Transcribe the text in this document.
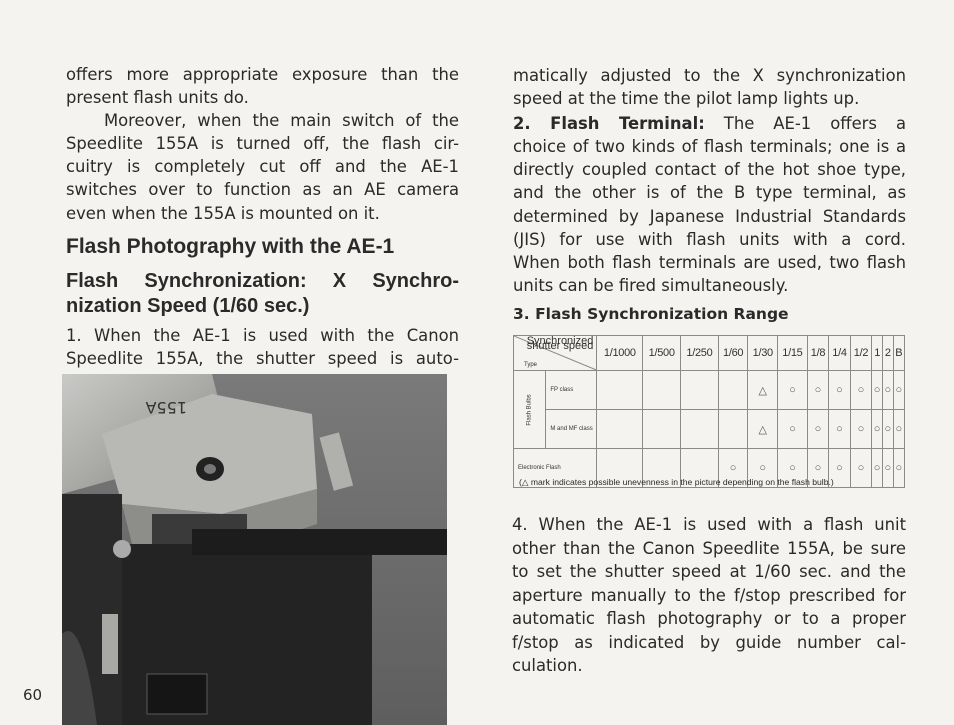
offers more appropriate exposure than the

present flash units do.

Moreover, when the main switch of the

Speedlite 155A is turned off, the flash cir-

cuitry is completely cut off and the AE-1

switches over to function as an AE camera

even when the 155A is mounted on it.

Flash Photography with the AE-1
Flash Synchronization: X Synchro-
nization Speed (1/60 sec.)

1. When the AE-1 is used with the Canon

Speedlite 155A, the shutter speed is auto-

matically adjusted to the X synchronization

speed at the time the pilot lamp lights up.

2. Flash Terminal: The AE-1 offers a

choice of two kinds of flash terminals; one is a

directly coupled contact of the hot shoe type,

and the other is of the B type terminal, as

determined by Japanese Industrial Standards

(JIS) for use with flash units with a cord.

When both flash terminals are used, two flash

units can be fired simultaneously.

3. Flash Synchronization Range

Synchronized shutter speed
Type		1/1000	1/500	1/250	1/60	1/30	1/15	1/8	1/4	1/2	1	2	B
Flash Bulbs	FP class					△	○	○	○	○	○	○	○
	M and MF class					△	○	○	○	○	○	○	○
Electronic Flash					○	○	○	○	○	○	○	○	○
(△ mark indicates possible unevenness in the picture depending on the flash bulb.)

4. When the AE-1 is used with a flash unit

other than the Canon Speedlite 155A, be sure

to set the shutter speed at 1/60 sec. and the

aperture manually to the f/stop prescribed for

automatic flash photography or to a proper

f/stop as indicated by guide number cal-

culation.

155A
60
